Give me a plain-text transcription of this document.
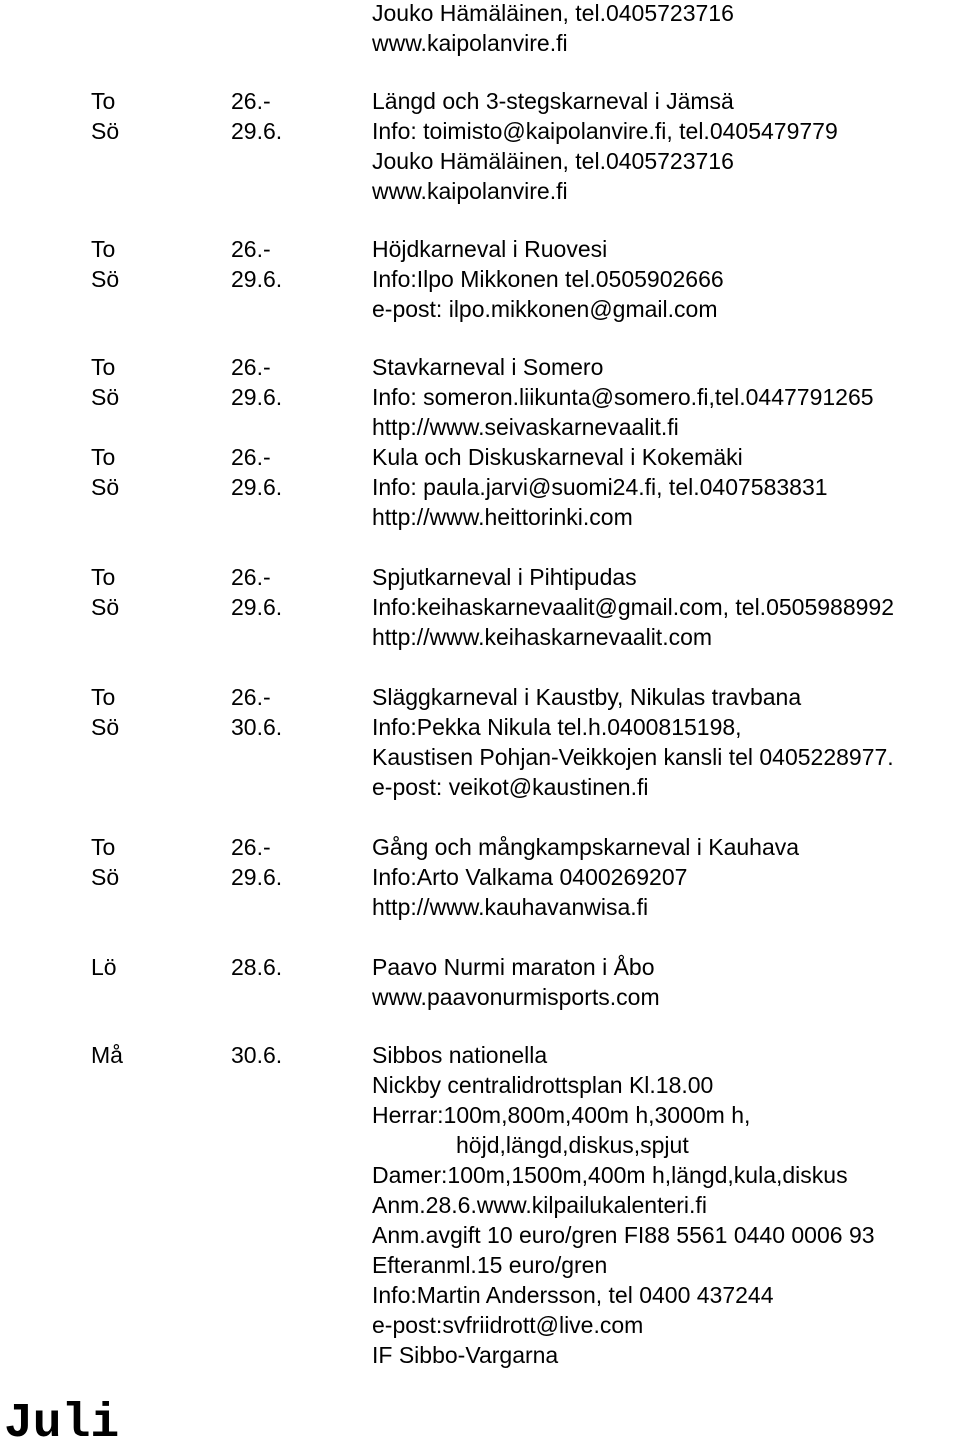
Jouko Hämäläinen, tel.0405723716
www.kaipolanvire.fi
To	26.-	Längd och 3-stegskarneval i Jämsä
Sö	29.6.	Info: toimisto@kaipolanvire.fi, tel.0405479779
Jouko Hämäläinen, tel.0405723716
www.kaipolanvire.fi
To	26.-	Höjdkarneval i Ruovesi
Sö	29.6.	Info:Ilpo Mikkonen tel.0505902666
e-post: ilpo.mikkonen@gmail.com
To	26.-	Stavkarneval i Somero
Sö	29.6.	Info: someron.liikunta@somero.fi,tel.0447791265
http://www.seivaskarnevaalit.fi
To	26.-	Kula och Diskuskarneval i Kokemäki
Sö	29.6.	Info: paula.jarvi@suomi24.fi, tel.0407583831
http://www.heittorinki.com
To	26.-	Spjutkarneval i Pihtipudas
Sö	29.6.	Info:keihaskarnevaalit@gmail.com, tel.0505988992
http://www.keihaskarnevaalit.com
To	26.-	Släggkarneval i Kaustby, Nikulas travbana
Sö	30.6.	Info:Pekka Nikula tel.h.0400815198,
Kaustisen Pohjan-Veikkojen kansli tel 0405228977.
e-post: veikot@kaustinen.fi
To	26.-	Gång och mångkampskarneval i Kauhava
Sö	29.6.	Info:Arto Valkama 0400269207
http://www.kauhavanwisa.fi
Lö	28.6.	Paavo Nurmi maraton i Åbo
www.paavonurmisports.com
Må	30.6.	Sibbos nationella
Nickby centralidrottsplan Kl.18.00
Herrar:100m,800m,400m h,3000m h,
höjd,längd,diskus,spjut
Damer:100m,1500m,400m h,längd,kula,diskus
Anm.28.6.www.kilpailukalenteri.fi
Anm.avgift 10 euro/gren FI88 5561 0440 0006 93
Efteranml.15 euro/gren
Info:Martin Andersson, tel 0400 437244
e-post:svfriidrott@live.com
IF Sibbo-Vargarna
Juli
